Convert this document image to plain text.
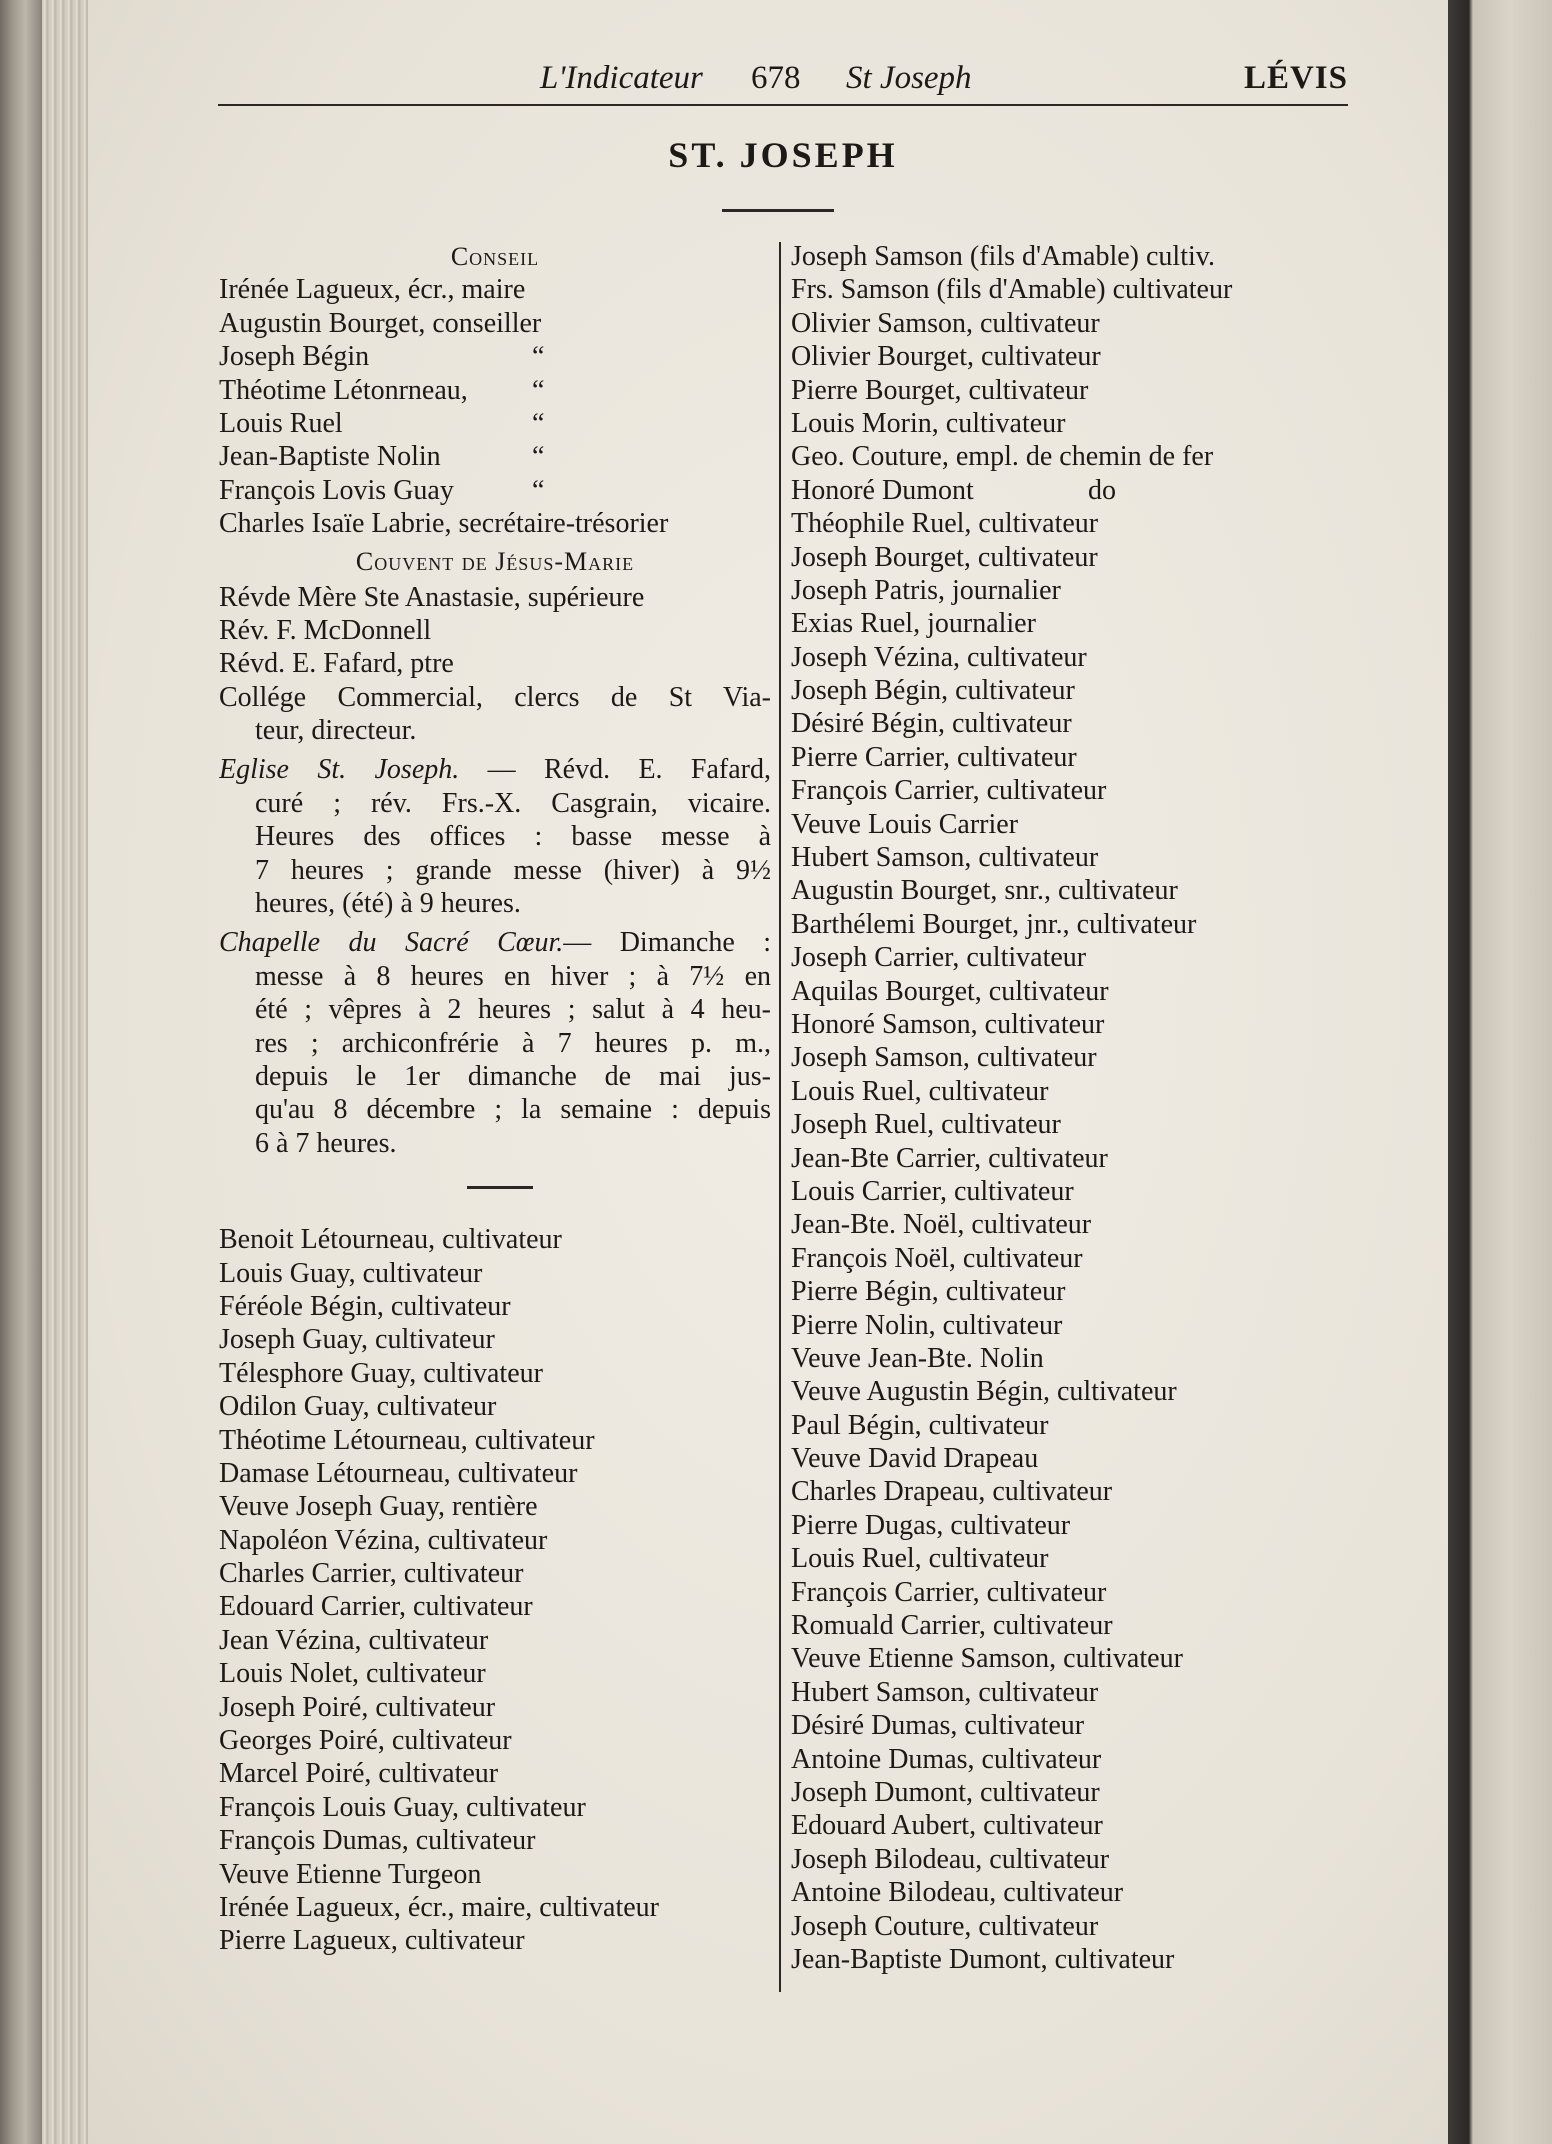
L'Indicateur 678 St Joseph	LÉVIS
ST. JOSEPH
Conseil
Irénée Lagueux, écr., maire
Augustin Bourget, conseiller
Joseph Bégin	“
Théotime Létonrneau, “
Louis Ruel	“
Jean-Baptiste Nolin	“
François Lovis Guay	“
Charles Isaïe Labrie, secrétaire-trésorier
Couvent de Jésus-Marie
Révde Mère Ste Anastasie, supérieure
Rév. F. McDonnell
Révd. E. Fafard, ptre
Collége Commercial, clercs de St Via-
teur, directeur.
Eglise St. Joseph. — Révd. E. Fafard,
curé ; rév. Frs.-X. Casgrain, vicaire.
Heures des offices : basse messe à
7 heures ; grande messe (hiver) à 9½
heures, (été) à 9 heures.
Chapelle du Sacré Cœur.— Dimanche :
messe à 8 heures en hiver ; à 7½ en
été ; vêpres à 2 heures ; salut à 4 heu-
res ; archiconfrérie à 7 heures p. m.,
depuis le 1er dimanche de mai jus-
qu'au 8 décembre ; la semaine : depuis
6 à 7 heures.
Benoit Létourneau, cultivateur
Louis Guay, cultivateur
Féréole Bégin, cultivateur
Joseph Guay, cultivateur
Télesphore Guay, cultivateur
Odilon Guay, cultivateur
Théotime Létourneau, cultivateur
Damase Létourneau, cultivateur
Veuve Joseph Guay, rentière
Napoléon Vézina, cultivateur
Charles Carrier, cultivateur
Edouard Carrier, cultivateur
Jean Vézina, cultivateur
Louis Nolet, cultivateur
Joseph Poiré, cultivateur
Georges Poiré, cultivateur
Marcel Poiré, cultivateur
François Louis Guay, cultivateur
François Dumas, cultivateur
Veuve Etienne Turgeon
Irénée Lagueux, écr., maire, cultivateur
Pierre Lagueux, cultivateur
Joseph Samson (fils d'Amable) cultiv.
Frs. Samson (fils d'Amable) cultivateur
Olivier Samson, cultivateur
Olivier Bourget, cultivateur
Pierre Bourget, cultivateur
Louis Morin, cultivateur
Geo. Couture, empl. de chemin de fer
Honoré Dumont	do
Théophile Ruel, cultivateur
Joseph Bourget, cultivateur
Joseph Patris, journalier
Exias Ruel, journalier
Joseph Vézina, cultivateur
Joseph Bégin, cultivateur
Désiré Bégin, cultivateur
Pierre Carrier, cultivateur
François Carrier, cultivateur
Veuve Louis Carrier
Hubert Samson, cultivateur
Augustin Bourget, snr., cultivateur
Barthélemi Bourget, jnr., cultivateur
Joseph Carrier, cultivateur
Aquilas Bourget, cultivateur
Honoré Samson, cultivateur
Joseph Samson, cultivateur
Louis Ruel, cultivateur
Joseph Ruel, cultivateur
Jean-Bte Carrier, cultivateur
Louis Carrier, cultivateur
Jean-Bte. Noël, cultivateur
François Noël, cultivateur
Pierre Bégin, cultivateur
Pierre Nolin, cultivateur
Veuve Jean-Bte. Nolin
Veuve Augustin Bégin, cultivateur
Paul Bégin, cultivateur
Veuve David Drapeau
Charles Drapeau, cultivateur
Pierre Dugas, cultivateur
Louis Ruel, cultivateur
François Carrier, cultivateur
Romuald Carrier, cultivateur
Veuve Etienne Samson, cultivateur
Hubert Samson, cultivateur
Désiré Dumas, cultivateur
Antoine Dumas, cultivateur
Joseph Dumont, cultivateur
Edouard Aubert, cultivateur
Joseph Bilodeau, cultivateur
Antoine Bilodeau, cultivateur
Joseph Couture, cultivateur
Jean-Baptiste Dumont, cultivateur
